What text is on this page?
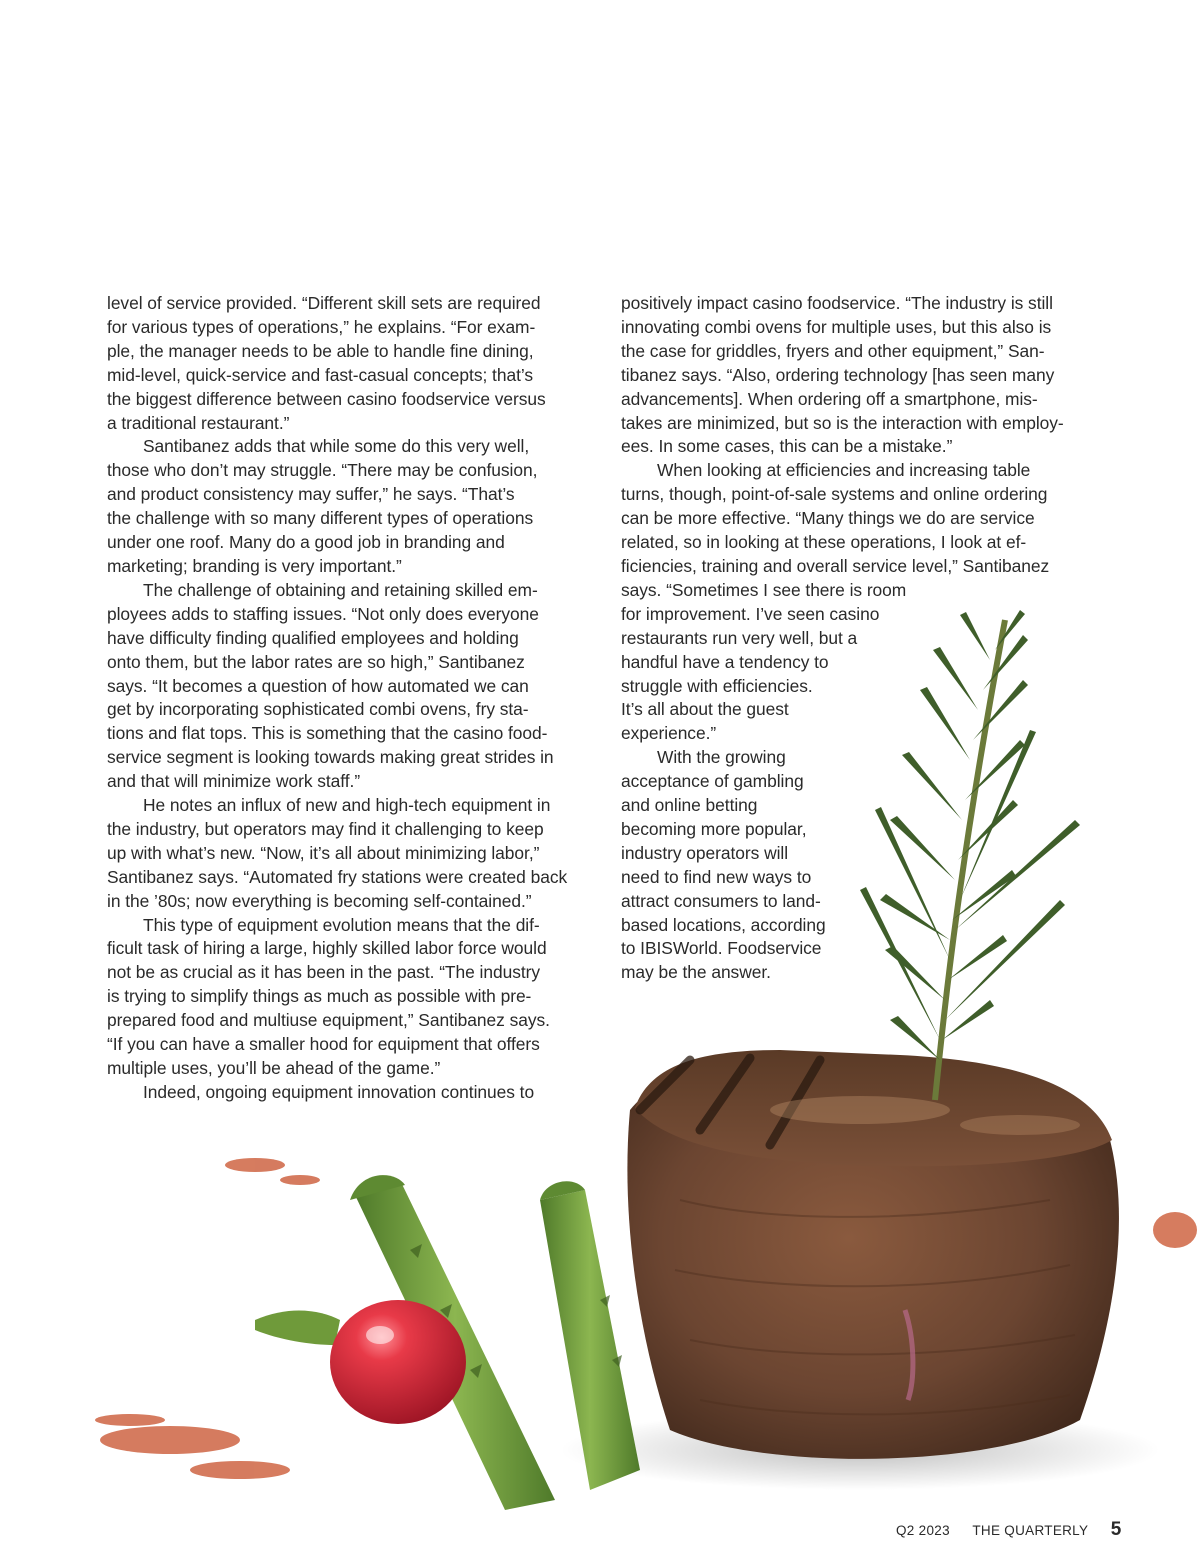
level of service provided. “Different skill sets are required
for various types of operations,” he explains. “For exam-
ple, the manager needs to be able to handle fine dining,
mid-level, quick-service and fast-casual concepts; that’s
the biggest difference between casino foodservice versus
a traditional restaurant.”
Santibanez adds that while some do this very well,
those who don’t may struggle. “There may be confusion,
and product consistency may suffer,” he says. “That’s
the challenge with so many different types of operations
under one roof. Many do a good job in branding and
marketing; branding is very important.”
The challenge of obtaining and retaining skilled em-
ployees adds to staffing issues. “Not only does everyone
have difficulty finding qualified employees and holding
onto them, but the labor rates are so high,” Santibanez
says. “It becomes a question of how automated we can
get by incorporating sophisticated combi ovens, fry sta-
tions and flat tops. This is something that the casino food-
service segment is looking towards making great strides in
and that will minimize work staff.”
He notes an influx of new and high-tech equipment in
the industry, but operators may find it challenging to keep
up with what’s new. “Now, it’s all about minimizing labor,”
Santibanez says. “Automated fry stations were created back
in the ’80s; now everything is becoming self-contained.”
This type of equipment evolution means that the dif-
ficult task of hiring a large, highly skilled labor force would
not be as crucial as it has been in the past. “The industry
is trying to simplify things as much as possible with pre-
prepared food and multiuse equipment,” Santibanez says.
“If you can have a smaller hood for equipment that offers
multiple uses, you’ll be ahead of the game.”
Indeed, ongoing equipment innovation continues to
positively impact casino foodservice. “The industry is still
innovating combi ovens for multiple uses, but this also is
the case for griddles, fryers and other equipment,” San-
tibanez says. “Also, ordering technology [has seen many
advancements]. When ordering off a smartphone, mis-
takes are minimized, but so is the interaction with employ-
ees. In some cases, this can be a mistake.”
When looking at efficiencies and increasing table
turns, though, point-of-sale systems and online ordering
can be more effective. “Many things we do are service
related, so in looking at these operations, I look at ef-
ficiencies, training and overall service level,” Santibanez
says. “Sometimes I see there is room
for improvement. I’ve seen casino
restaurants run very well, but a
handful have a tendency to
struggle with efficiencies.
It’s all about the guest
experience.”
With the growing
acceptance of gambling
and online betting
becoming more popular,
industry operators will
need to find new ways to
attract consumers to land-
based locations, according
to IBISWorld. Foodservice
may be the answer.
Q2 2023 THE QUARTERLY 5
